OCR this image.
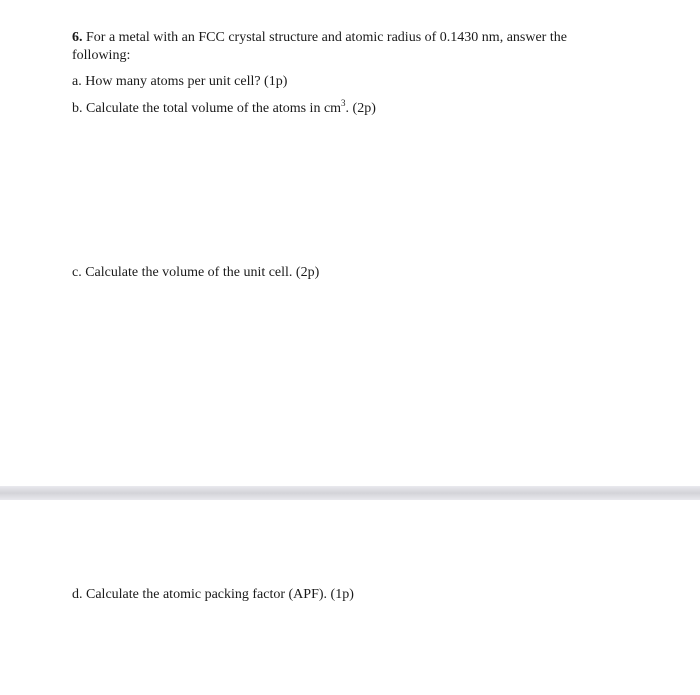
6. For a metal with an FCC crystal structure and atomic radius of 0.1430 nm, answer the
following:
a. How many atoms per unit cell? (1p)
b. Calculate the total volume of the atoms in $cm^3$. (2p)
c. Calculate the volume of the unit cell. (2p)
d. Calculate the atomic packing factor (APF). (1p)
